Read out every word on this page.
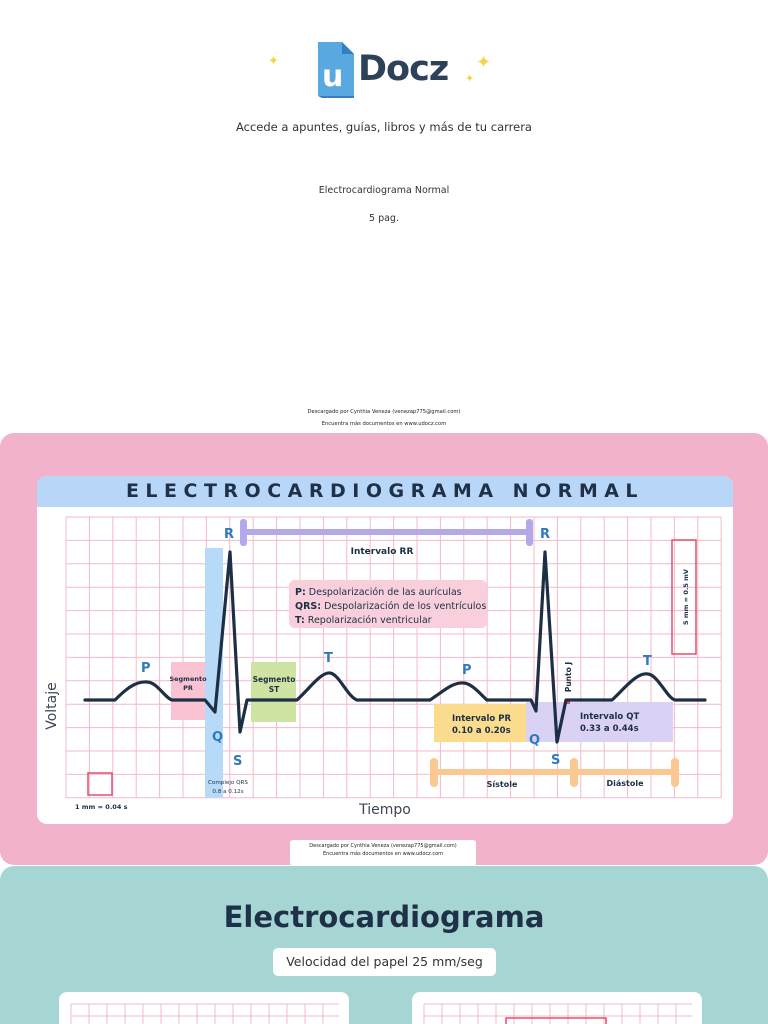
u Docz
✦	✦
✦
Accede a apuntes, guías, libros y más de tu carrera
Electrocardiograma Normal
5 pag.
Descargado por Cynthia Veneza (venezap775@gmail.com)
Encuentra más documentos en www.udocz.com
ELECTROCARDIOGRAMA NORMAL
R	R
P	P
T	T
Q	Q
S	S
Intervalo RR
Segmento
PR
Segmento
ST
Complejo QRS
0.8 a 0.12s
Intervalo PR
0.10 a 0.20s
Intervalo QT
0.33 a 0.44s
Sístole	Diástole
1 mm = 0.04 s
5 mm = 0.5 mV
Punto J
P: Despolarización de las aurículas
QRS: Despolarización de los ventrículos
T: Repolarización ventricular
Voltaje
Tiempo
Descargado por Cynthia Veneza (venezap775@gmail.com)
Encuentra más documentos en www.udocz.com
Electrocardiograma
Velocidad del papel 25 mm/seg
